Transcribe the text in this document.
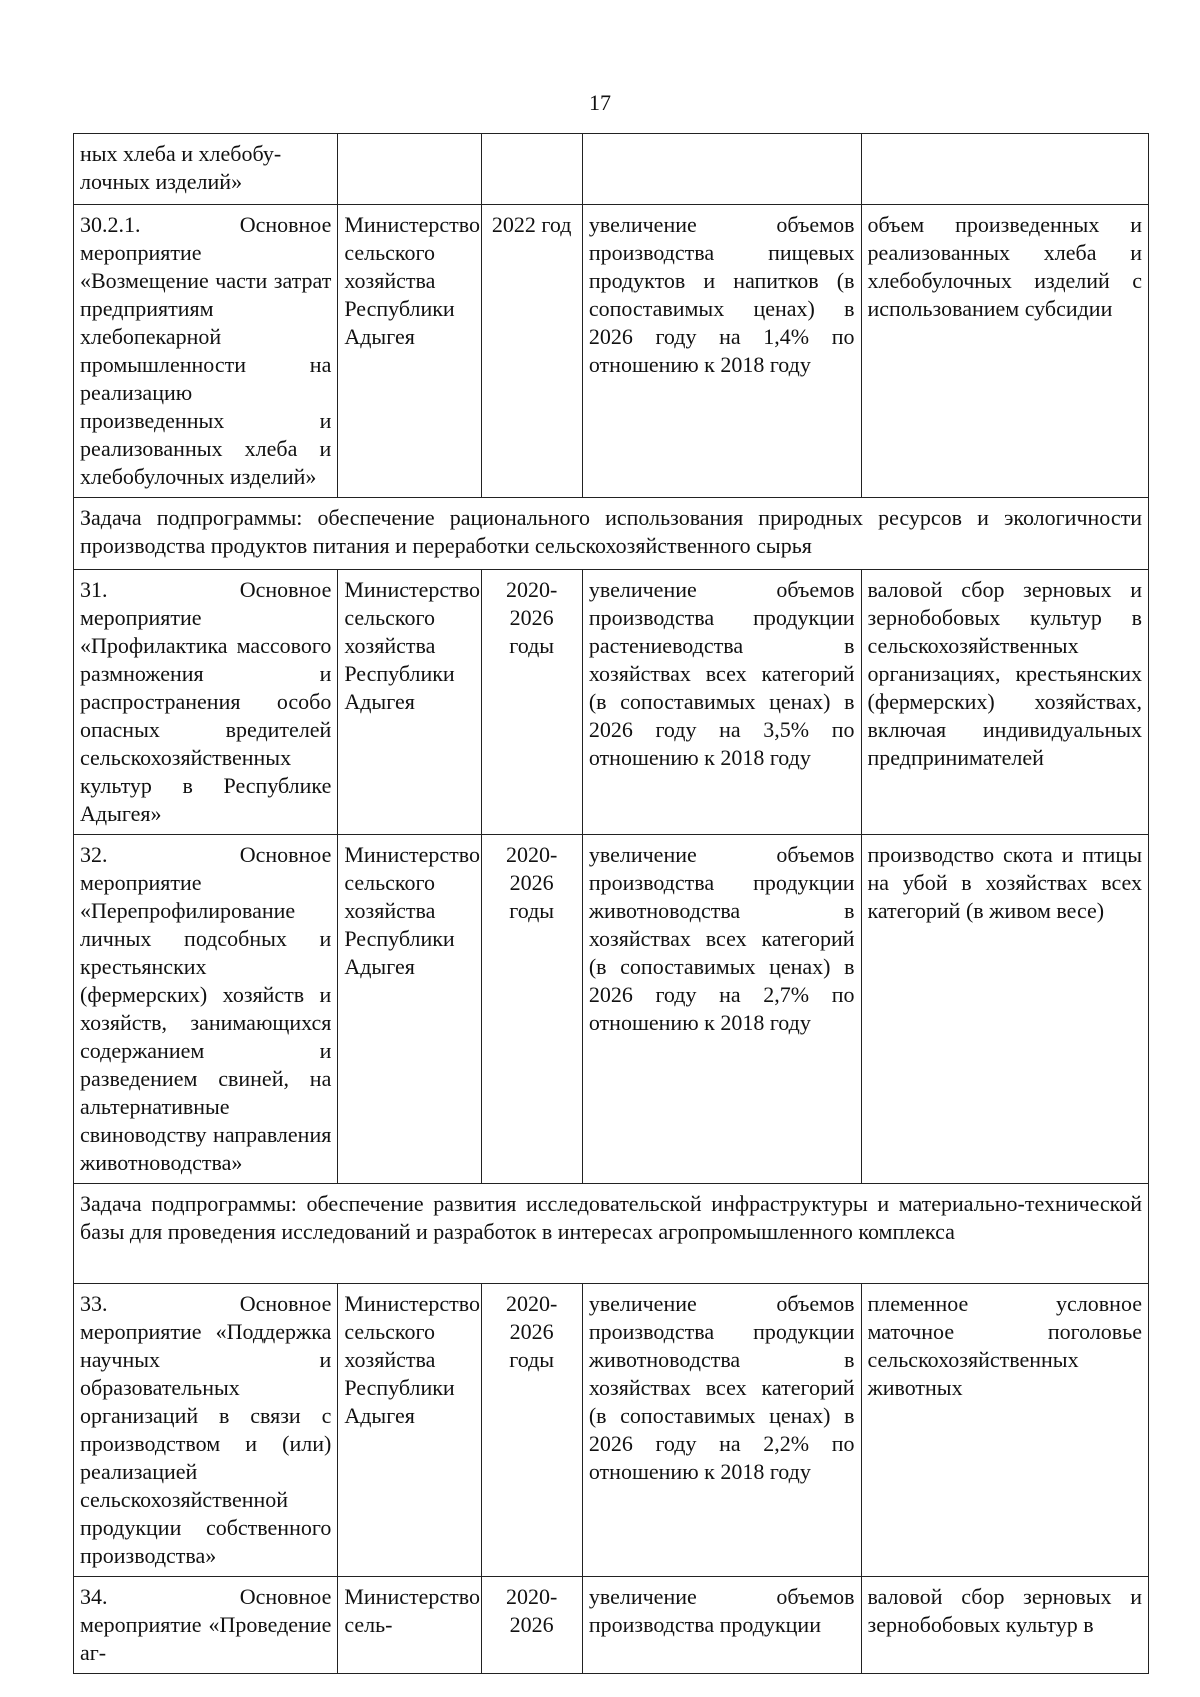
17
ных хлеба и хлебобу-
лочных изделий»				
30.2.1. Основное мероприятие «Возмещение части затрат предприятиям хлебопекарной промышленности на реализацию произведенных и реализованных хлеба и хлебобулочных изделий»	Министерство сельского хозяйства Республики Адыгея	2022 год	увеличение объемов производства пищевых продуктов и напитков (в сопоставимых ценах) в 2026 году на 1,4% по отношению к 2018 году	объем произведенных и реализованных хлеба и хлебобулочных изделий с использованием субсидии
Задача подпрограммы: обеспечение рационального использования природных ресурсов и экологичности производства продуктов питания и переработки сельскохозяйственного сырья				
31. Основное мероприятие «Профилактика массового размножения и распространения особо опасных вредителей сельскохозяйственных культур в Республике Адыгея»	Министерство сельского хозяйства Республики Адыгея	2020-2026 годы	увеличение объемов производства продукции растениеводства в хозяйствах всех категорий (в сопоставимых ценах) в 2026 году на 3,5% по отношению к 2018 году	валовой сбор зерновых и зернобобовых культур в сельскохозяйственных организациях, крестьянских (фермерских) хозяйствах, включая индивидуальных предпринимателей
32. Основное мероприятие «Перепрофилирование личных подсобных и крестьянских (фермерских) хозяйств и хозяйств, занимающихся содержанием и разведением свиней, на альтернативные свиноводству направления животноводства»	Министерство сельского хозяйства Республики Адыгея	2020-2026 годы	увеличение объемов производства продукции животноводства в хозяйствах всех категорий (в сопоставимых ценах) в 2026 году на 2,7% по отношению к 2018 году	производство скота и птицы на убой в хозяйствах всех категорий (в живом весе)
Задача подпрограммы: обеспечение развития исследовательской инфраструктуры и материально-технической базы для проведения исследований и разработок в интересах агропромышленного комплекса				
33. Основное мероприятие «Поддержка научных и образовательных организаций в связи с производством и (или) реализацией сельскохозяйственной продукции собственного производства»	Министерство сельского хозяйства Республики Адыгея	2020-2026 годы	увеличение объемов производства продукции животноводства в хозяйствах всех категорий (в сопоставимых ценах) в 2026 году на 2,2% по отношению к 2018 году	племенное условное маточное поголовье сельскохозяйственных животных
34. Основное мероприятие «Проведение аг-	Министерство сель-	2020-2026	увеличение объемов производства продукции	валовой сбор зерновых и зернобобовых культур в
